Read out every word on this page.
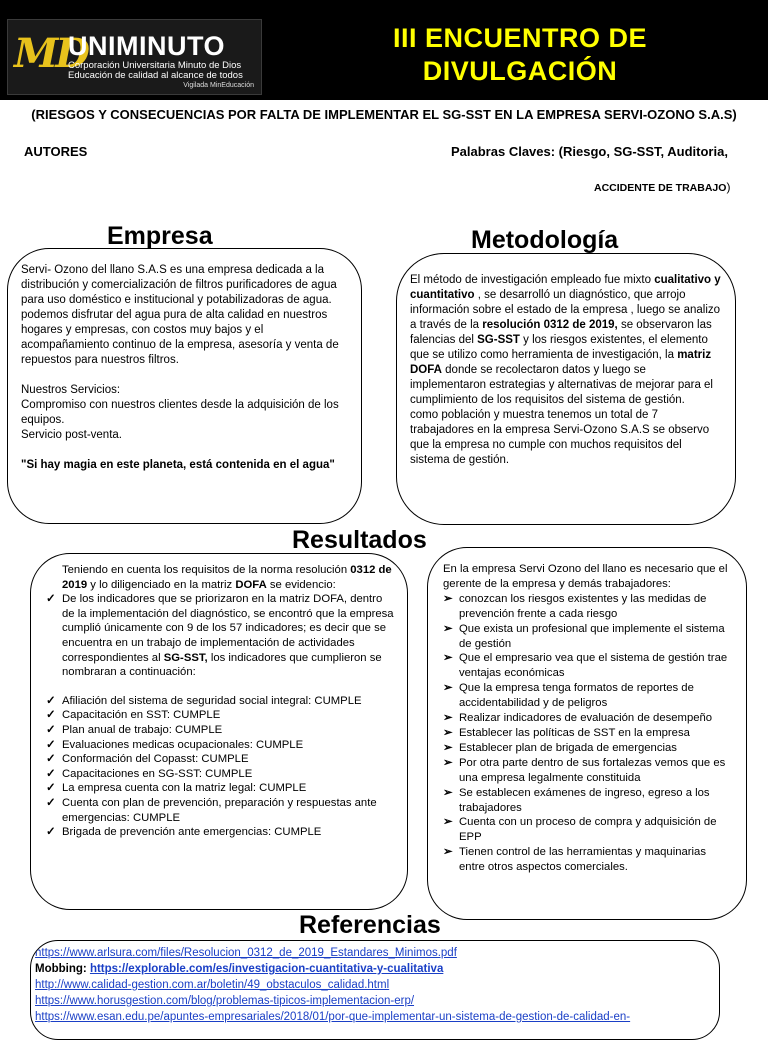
MD
UNIMINUTO
Corporación Universitaria Minuto de Dios
Educación de calidad al alcance de todos
Vigilada MinEducación
III ENCUENTRO DE
DIVULGACIÓN
(RIESGOS Y CONSECUENCIAS POR FALTA DE IMPLEMENTAR EL SG-SST EN LA EMPRESA SERVI-OZONO S.A.S)
AUTORES	Palabras Claves: (Riesgo, SG-SST, Auditoria,
ACCIDENTE DE TRABAJO)
Empresa

Servi- Ozono del llano S.A.S es una empresa dedicada a la distribución y comercialización de filtros purificadores de agua para uso doméstico e institucional y potabilizadoras de agua. podemos disfrutar del agua pura de alta calidad en nuestros hogares y empresas, con costos muy bajos y el acompañamiento continuo de la empresa, asesoría y venta de repuestos para nuestros filtros.

Nuestros Servicios:

Compromiso con nuestros clientes desde la adquisición de los equipos.

Servicio post-venta.

"Si hay magia en este planeta, está contenida en el agua"

Metodología

El método de investigación empleado fue mixto cualitativo y cuantitativo , se desarrolló un diagnóstico, que arrojo información sobre el estado de la empresa , luego se analizo a través de la resolución 0312 de 2019, se observaron las falencias del SG-SST y los riesgos existentes, el elemento que se utilizo como herramienta de investigación, la matriz DOFA donde se recolectaron datos y luego se implementaron estrategias y alternativas de mejorar para el cumplimiento de los requisitos del sistema de gestión.

como población y muestra tenemos un total de 7 trabajadores en la empresa Servi-Ozono S.A.S se observo que la empresa no cumple con muchos requisitos del sistema de gestión.

Resultados

Teniendo en cuenta los requisitos de la norma resolución 0312 de 2019 y lo diligenciado en la matriz DOFA se evidencio:

✓ De los indicadores que se priorizaron en la matriz DOFA, dentro de la implementación del diagnóstico, se encontró que la empresa cumplió únicamente con 9 de los 57 indicadores; es decir que se encuentra en un trabajo de implementación de actividades correspondientes al SG-SST, los indicadores que cumplieron se nombraran a continuación:
✓ Afiliación del sistema de seguridad social integral: CUMPLE
✓ Capacitación en SST: CUMPLE
✓ Plan anual de trabajo: CUMPLE
✓ Evaluaciones medicas ocupacionales: CUMPLE
✓ Conformación del Copasst: CUMPLE
✓ Capacitaciones en SG-SST: CUMPLE
✓ La empresa cuenta con la matriz legal: CUMPLE
✓ Cuenta con plan de prevención, preparación y respuestas ante emergencias: CUMPLE
✓ Brigada de prevención ante emergencias: CUMPLE

En la empresa Servi Ozono del llano es necesario que el gerente de la empresa y demás trabajadores:

➢ conozcan los riesgos existentes y las medidas de prevención frente a cada riesgo
➢ Que exista un profesional que implemente el sistema de gestión
➢ Que el empresario vea que el sistema de gestión trae ventajas económicas
➢ Que la empresa tenga formatos de reportes de accidentabilidad y de peligros
➢ Realizar indicadores de evaluación de desempeño
➢ Establecer las políticas de SST en la empresa
➢ Establecer plan de brigada de emergencias
➢ Por otra parte dentro de sus fortalezas vemos que es una empresa legalmente constituida
➢ Se establecen exámenes de ingreso, egreso a los trabajadores
➢ Cuenta con un proceso de compra y adquisición de EPP
➢ Tienen control de las herramientas y maquinarias entre otros aspectos comerciales.
Referencias
https://www.arlsura.com/files/Resolucion_0312_de_2019_Estandares_Minimos.pdf
Mobbing: https://explorable.com/es/investigacion-cuantitativa-y-cualitativa
http://www.calidad-gestion.com.ar/boletin/49_obstaculos_calidad.html
https://www.horusgestion.com/blog/problemas-tipicos-implementacion-erp/
https://www.esan.edu.pe/apuntes-empresariales/2018/01/por-que-implementar-un-sistema-de-gestion-de-calidad-en-
